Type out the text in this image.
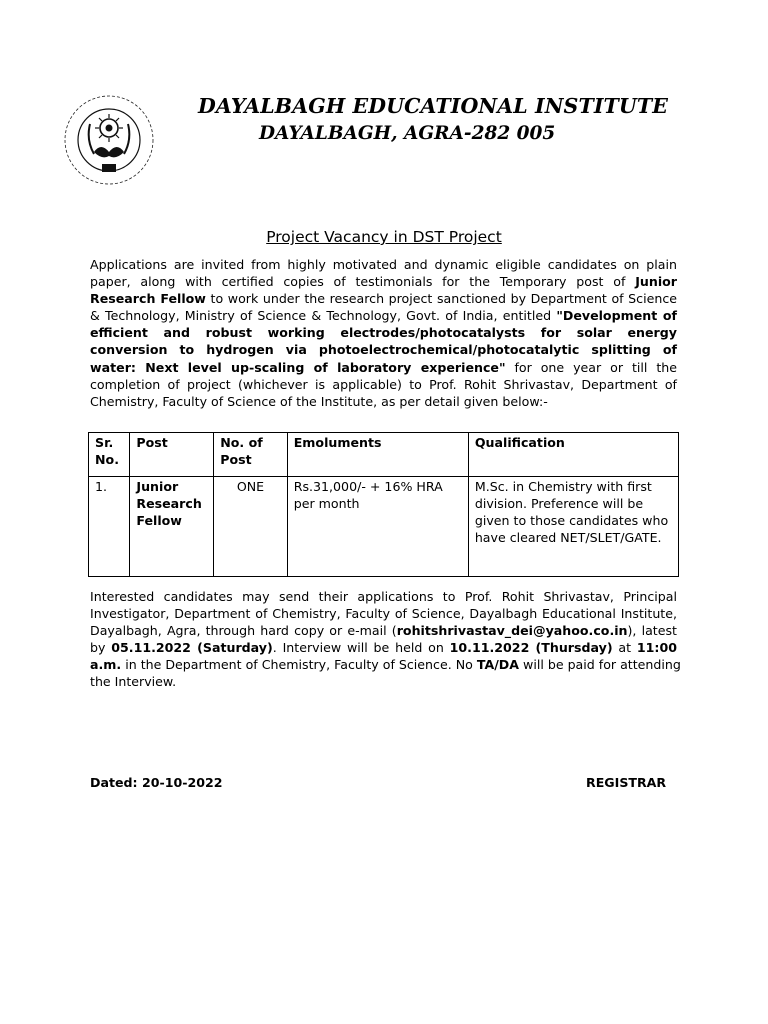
DAYALBAGH EDUCATIONAL INSTITUTE
DAYALBAGH, AGRA-282 005
Project Vacancy in DST Project
Applications are invited from highly motivated and dynamic eligible candidates on plain
paper, along with certified copies of testimonials for the Temporary post of Junior
Research Fellow to work under the research project sanctioned by Department of Science
& Technology, Ministry of Science & Technology, Govt. of India, entitled "Development of
efficient and robust working electrodes/photocatalysts for solar energy
conversion to hydrogen via photoelectrochemical/photocatalytic splitting of
water: Next level up-scaling of laboratory experience" for one year or till the
completion of project (whichever is applicable) to Prof. Rohit Shrivastav, Department of
Chemistry, Faculty of Science of the Institute, as per detail given below:-
Sr. No.	Post	No. of Post	Emoluments	Qualification
1.	Junior Research Fellow	ONE	Rs.31,000/- + 16% HRA per month	M.Sc. in Chemistry with first division. Preference will be given to those candidates who have cleared NET/SLET/GATE.
Interested candidates may send their applications to Prof. Rohit Shrivastav, Principal
Investigator, Department of Chemistry, Faculty of Science, Dayalbagh Educational Institute,
Dayalbagh, Agra, through hard copy or e-mail (rohitshrivastav_dei@yahoo.co.in), latest
by 05.11.2022 (Saturday). Interview will be held on 10.11.2022 (Thursday) at 11:00
a.m. in the Department of Chemistry, Faculty of Science. No TA/DA will be paid for attending
the Interview.
Dated: 20-10-2022	REGISTRAR
